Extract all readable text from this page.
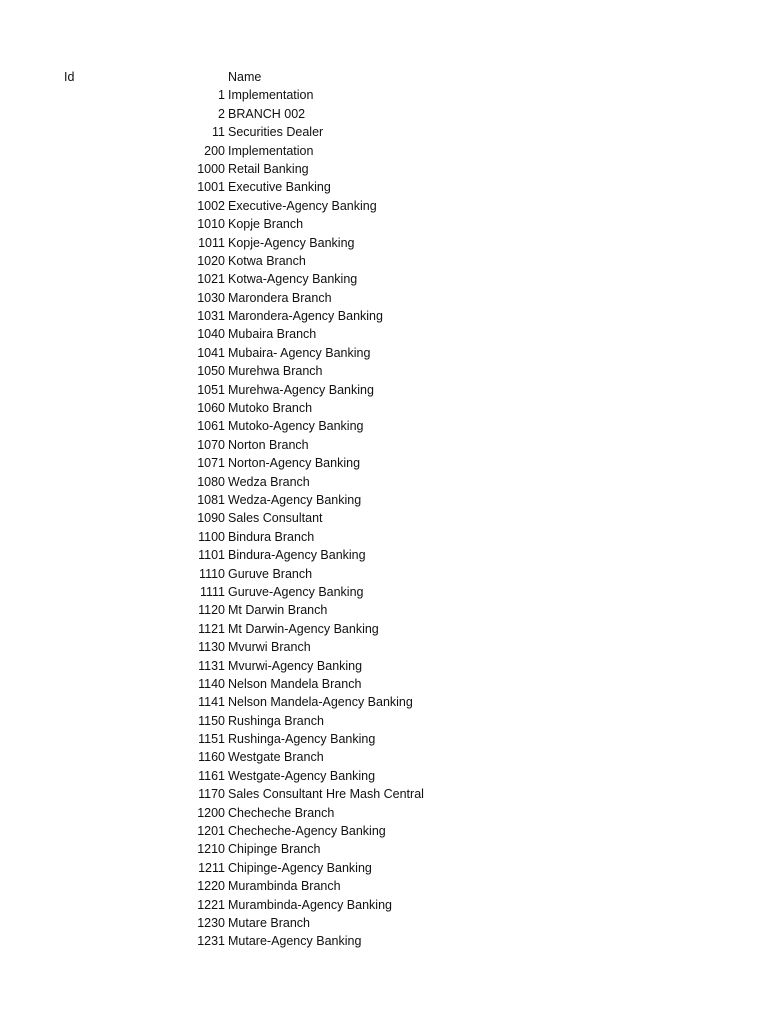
Id	Name
1 Implementation
2 BRANCH 002
11 Securities Dealer
200 Implementation
1000 Retail Banking
1001 Executive Banking
1002 Executive-Agency Banking
1010 Kopje Branch
1011 Kopje-Agency Banking
1020 Kotwa Branch
1021 Kotwa-Agency Banking
1030 Marondera Branch
1031 Marondera-Agency Banking
1040 Mubaira Branch
1041 Mubaira- Agency Banking
1050 Murehwa Branch
1051 Murehwa-Agency Banking
1060 Mutoko Branch
1061 Mutoko-Agency Banking
1070 Norton Branch
1071 Norton-Agency Banking
1080 Wedza Branch
1081 Wedza-Agency Banking
1090 Sales Consultant
1100 Bindura Branch
1101 Bindura-Agency Banking
1110 Guruve Branch
1111 Guruve-Agency Banking
1120 Mt Darwin Branch
1121 Mt Darwin-Agency Banking
1130 Mvurwi Branch
1131 Mvurwi-Agency Banking
1140 Nelson Mandela Branch
1141 Nelson Mandela-Agency Banking
1150 Rushinga Branch
1151 Rushinga-Agency Banking
1160 Westgate Branch
1161 Westgate-Agency Banking
1170 Sales Consultant Hre Mash Central
1200 Checheche Branch
1201 Checheche-Agency Banking
1210 Chipinge Branch
1211 Chipinge-Agency Banking
1220 Murambinda Branch
1221 Murambinda-Agency Banking
1230 Mutare Branch
1231 Mutare-Agency Banking
